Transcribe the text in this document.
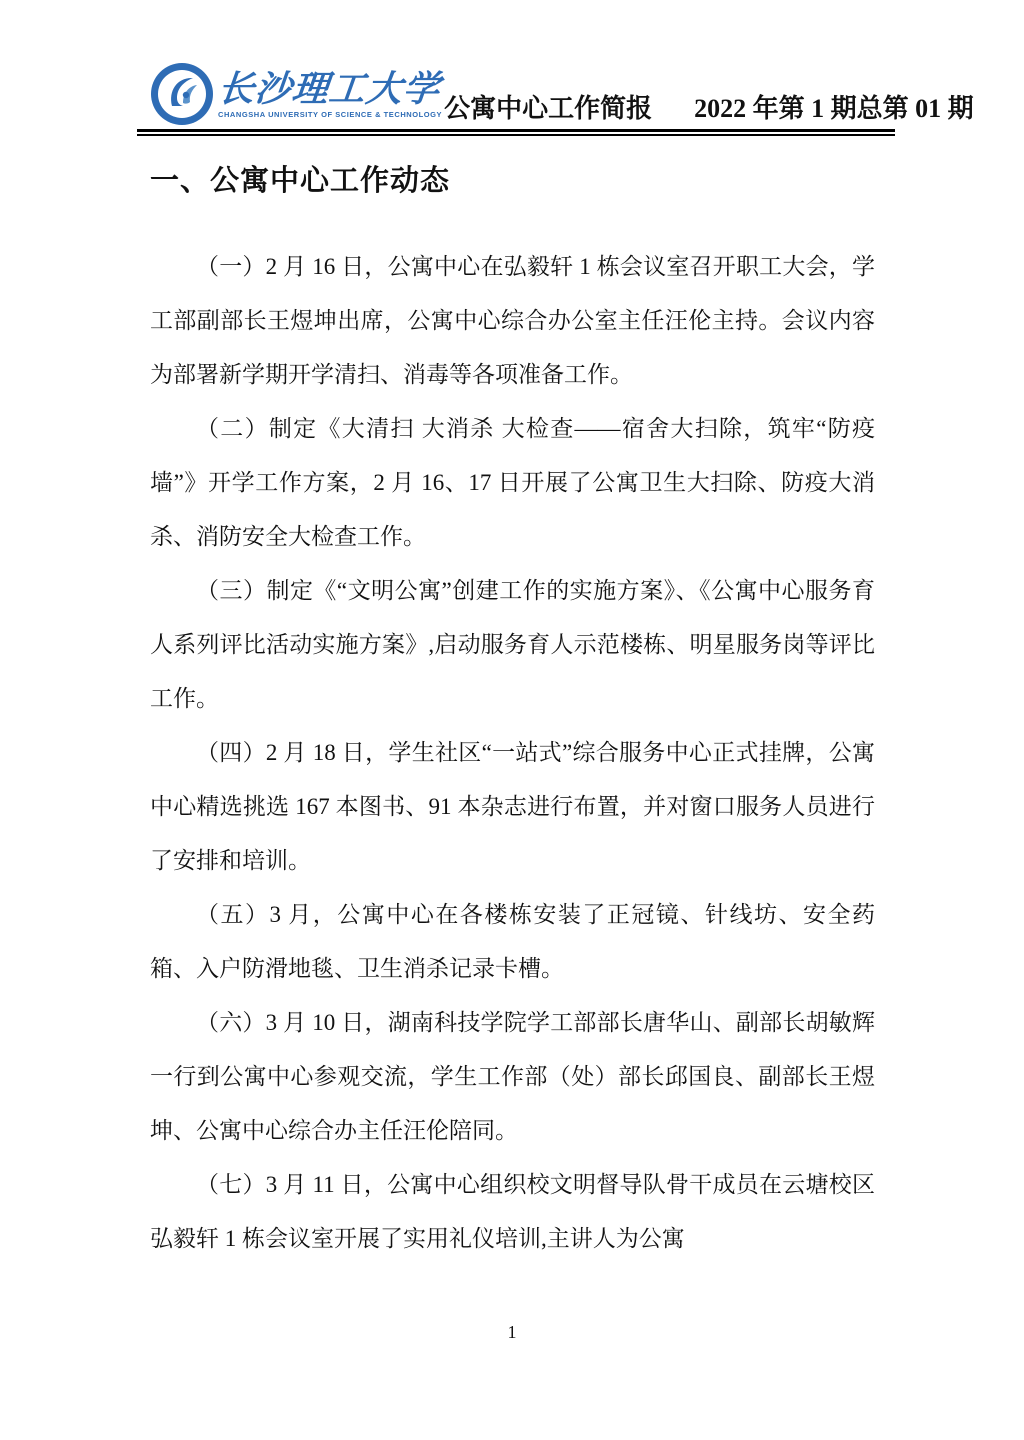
长沙理工大学
CHANGSHA UNIVERSITY OF SCIENCE & TECHNOLOGY 公寓中心工作简报 2022 年第 1 期总第 01 期
一、公寓中心工作动态

（一）2 月 16 日，公寓中心在弘毅轩 1 栋会议室召开职工大会，学工部副部长王煜坤出席，公寓中心综合办公室主任汪伦主持。会议内容为部署新学期开学清扫、消毒等各项准备工作。

（二）制定《大清扫 大消杀 大检查——宿舍大扫除，筑牢“防疫墙”》开学工作方案，2 月 16、17 日开展了公寓卫生大扫除、防疫大消杀、消防安全大检查工作。

（三）制定《“文明公寓”创建工作的实施方案》、《公寓中心服务育人系列评比活动实施方案》,启动服务育人示范楼栋、明星服务岗等评比工作。

（四）2 月 18 日，学生社区“一站式”综合服务中心正式挂牌，公寓中心精选挑选 167 本图书、91 本杂志进行布置，并对窗口服务人员进行了安排和培训。

（五）3 月，公寓中心在各楼栋安装了正冠镜、针线坊、安全药箱、入户防滑地毯、卫生消杀记录卡槽。

（六）3 月 10 日，湖南科技学院学工部部长唐华山、副部长胡敏辉一行到公寓中心参观交流，学生工作部（处）部长邱国良、副部长王煜坤、公寓中心综合办主任汪伦陪同。

（七）3 月 11 日，公寓中心组织校文明督导队骨干成员在云塘校区弘毅轩 1 栋会议室开展了实用礼仪培训,主讲人为公寓

1
